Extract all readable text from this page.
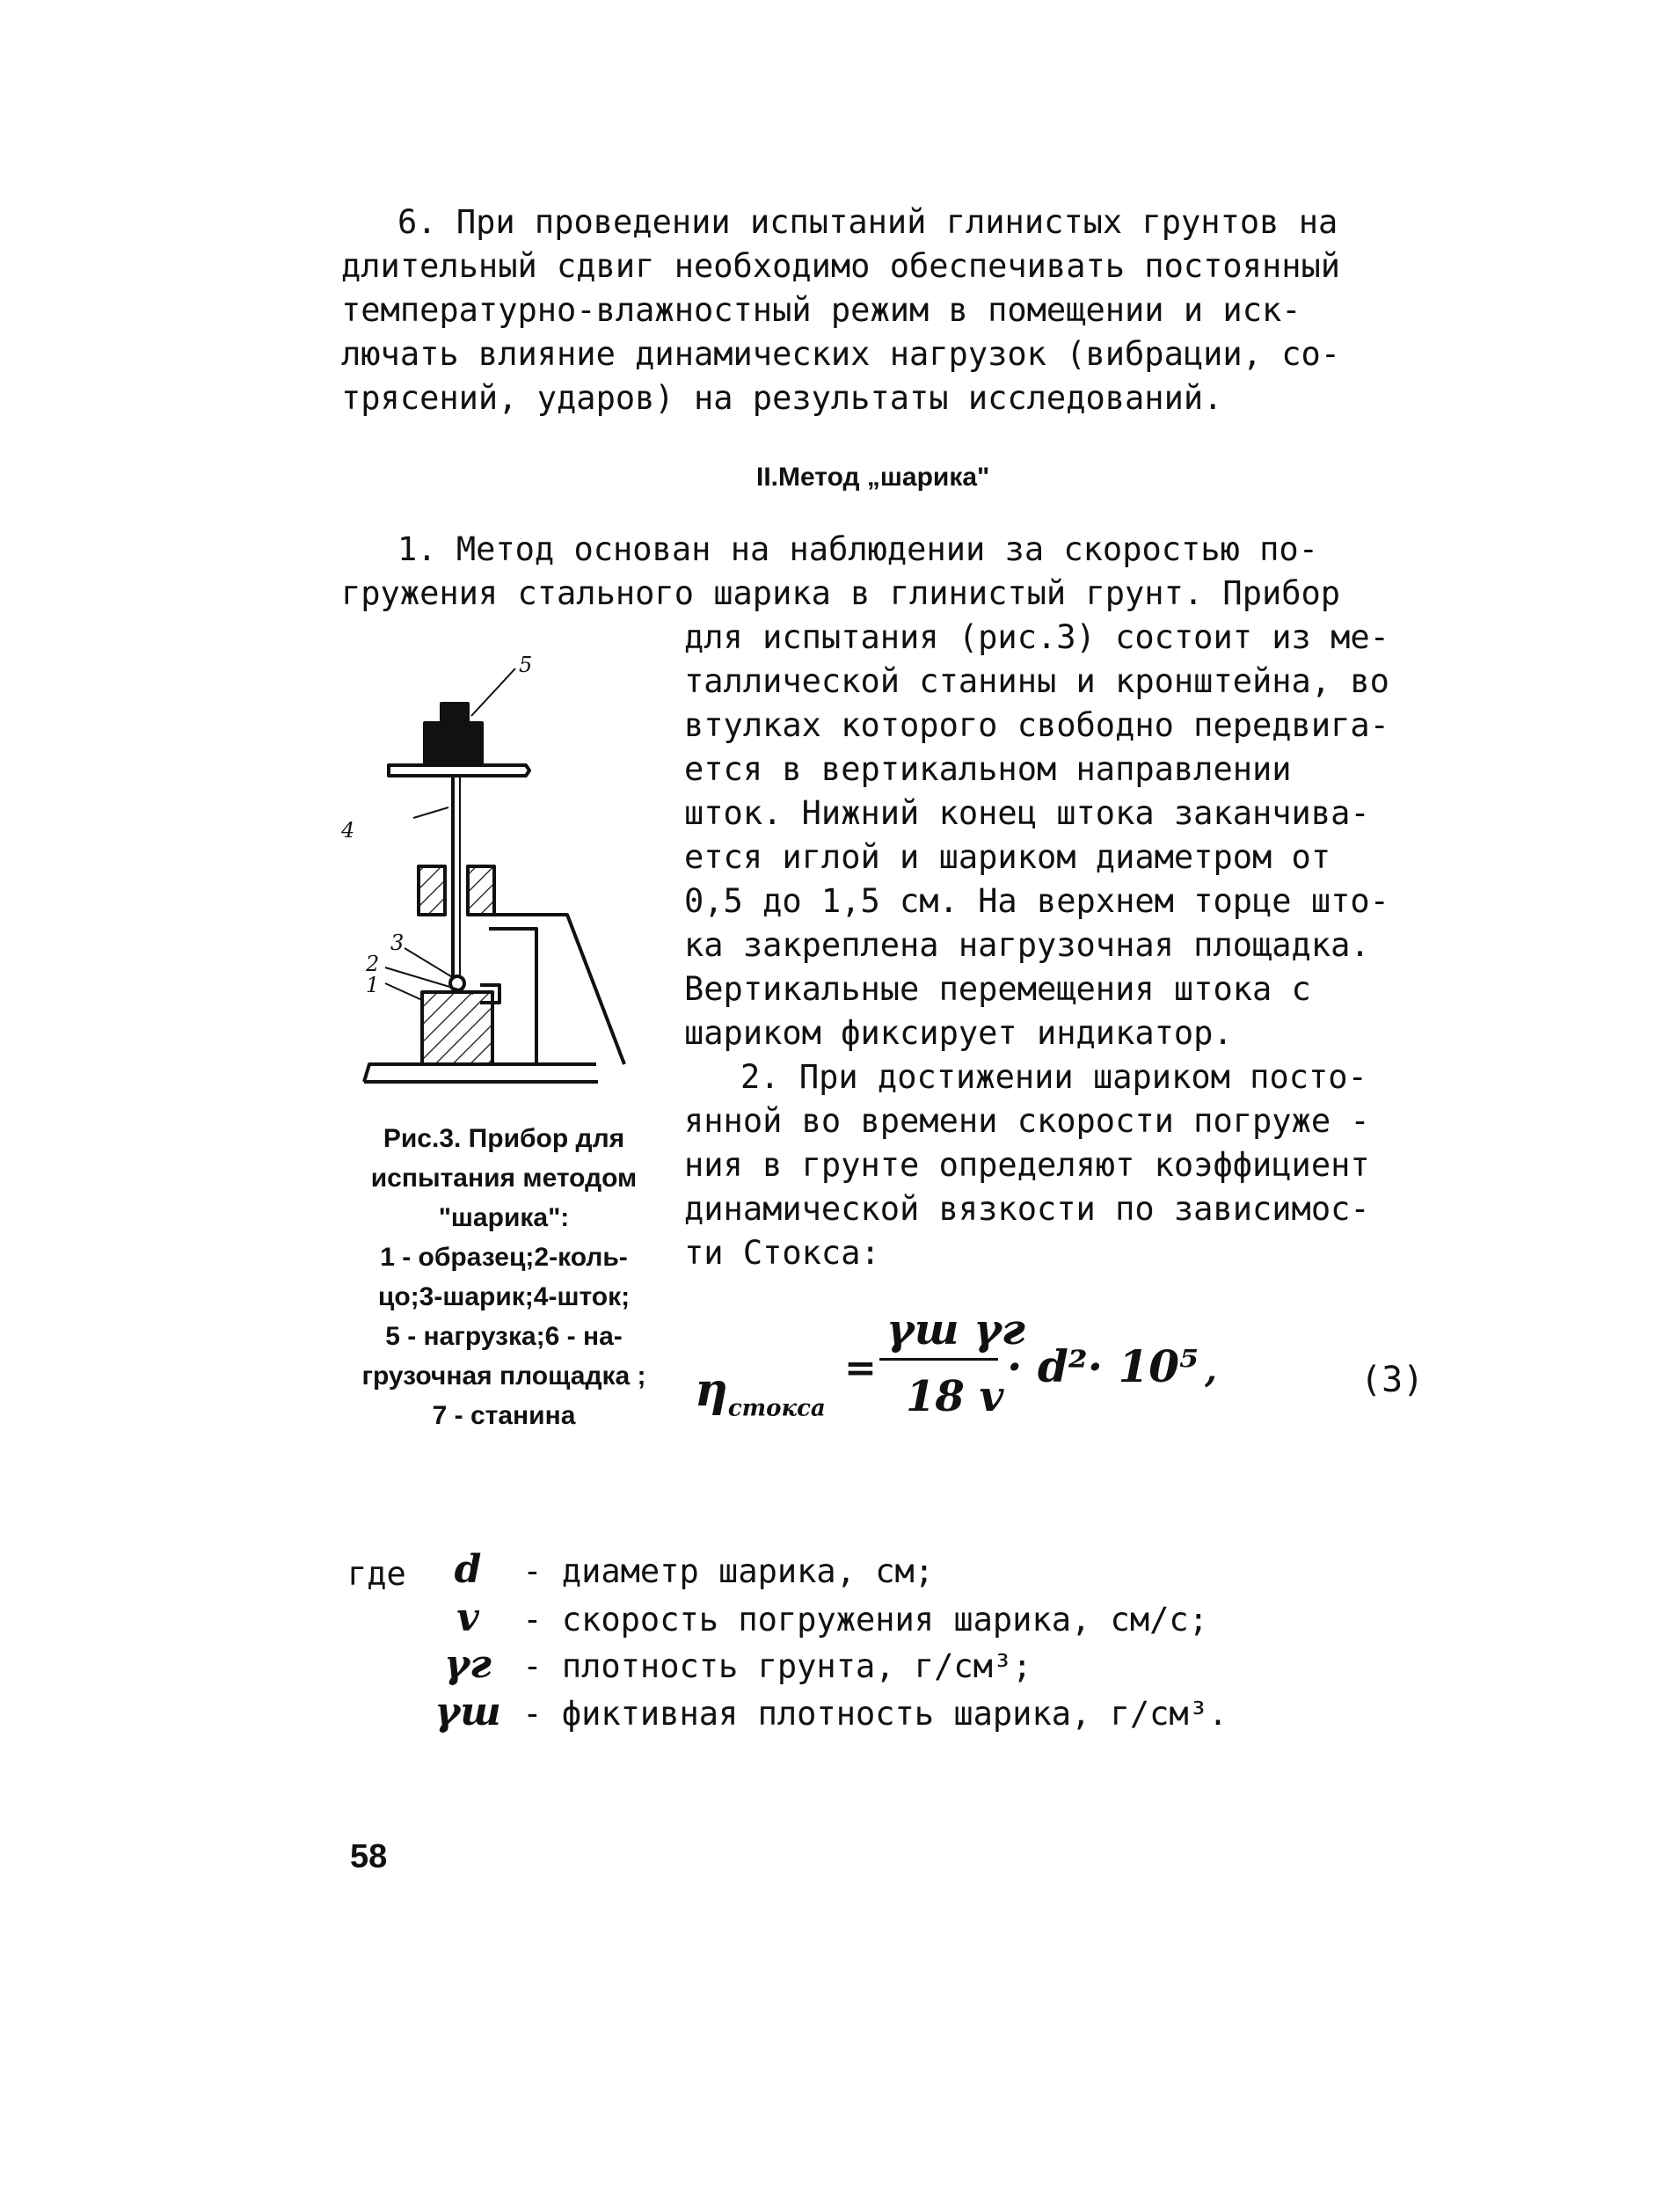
6. При проведении испытаний глинистых грунтов на

длительный сдвиг необходимо обеспечивать постоянный

температурно-влажностный режим в помещении и иск-

лючать влияние динамических нагрузок (вибрации, со-

трясений, ударов) на результаты исследований.

II.Метод „шарика"

1. Метод основан на наблюдении за скоростью по-

гружения стального шарика в глинистый грунт. Прибор

для испытания (рис.3) состоит из ме-

таллической станины и кронштейна, во

втулках которого свободно передвига-

ется в вертикальном направлении

шток. Нижний конец штока заканчива-

ется иглой и шариком диаметром от

0,5 до 1,5 см. На верхнем торце што-

ка закреплена нагрузочная площадка.

Вертикальные перемещения штока с

шариком фиксирует индикатор.

2. При достижении шариком посто-

янной во времени скорости погруже -

ния в грунте определяют коэффициент

динамической вязкости по зависимос-

ти Стокса:

5
4
3
2
1
Рис.3. Прибор для
испытания методом
"шарика":
1 - образец;2-коль-
цо;3-шарик;4-шток;
5 - нагрузка;6 - на-
грузочная площадка ;
7 - станина	$\eta_{стокса}$
=
γш γг
18 v
· d²· 10⁵ ,	(3)
где	d - диаметр шарика, см;
v - скорость погружения шарика, см/с;
γг - плотность грунта, г/см³;
γш - фиктивная плотность шарика, г/см³.
58
